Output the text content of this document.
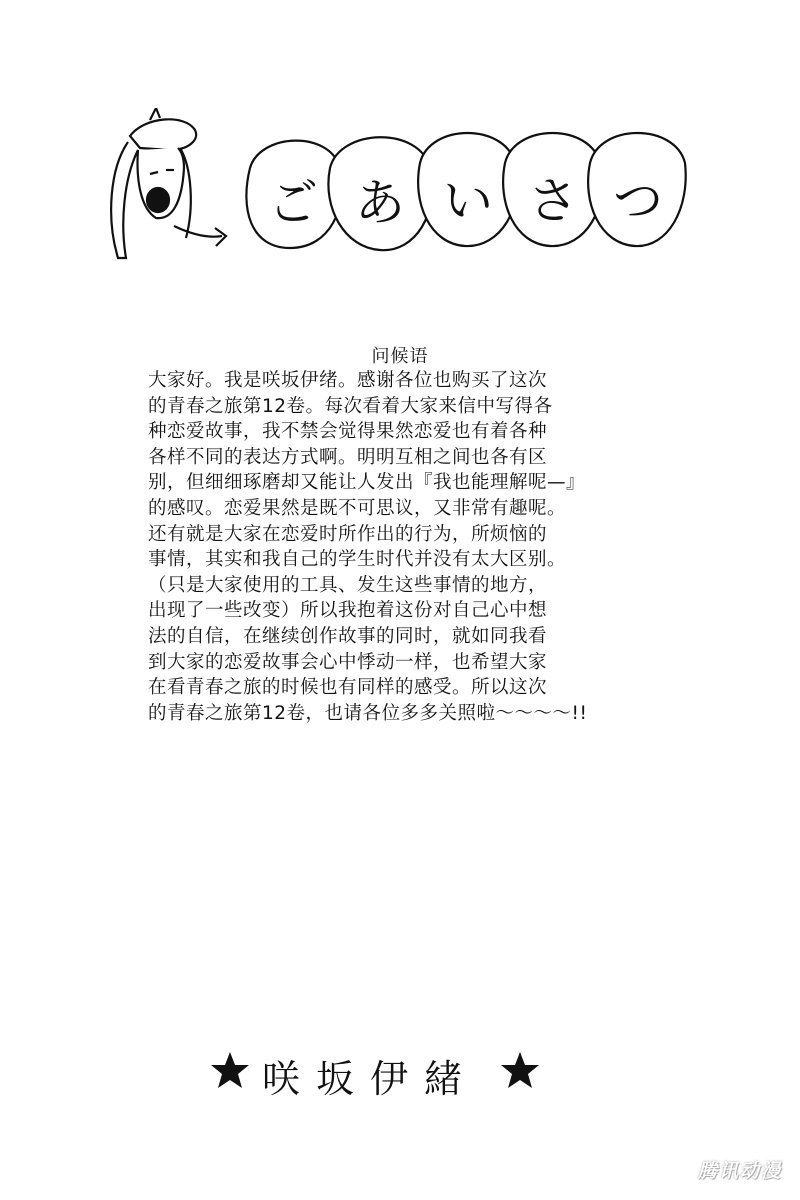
ご あ い さ つ
问候语
大家好。我是咲坂伊绪。感谢各位也购买了这次
的青春之旅第12卷。每次看着大家来信中写得各
种恋爱故事，我不禁会觉得果然恋爱也有着各种
各样不同的表达方式啊。明明互相之间也各有区
别，但细细琢磨却又能让人发出『我也能理解呢—』
的感叹。恋爱果然是既不可思议，又非常有趣呢。
还有就是大家在恋爱时所作出的行为，所烦恼的
事情，其实和我自己的学生时代并没有太大区别。
（只是大家使用的工具、发生这些事情的地方，
出现了一些改变）所以我抱着这份对自己心中想
法的自信，在继续创作故事的同时，就如同我看
到大家的恋爱故事会心中悸动一样，也希望大家
在看青春之旅的时候也有同样的感受。所以这次
的青春之旅第12卷，也请各位多多关照啦～～～～!!
咲坂伊緒
腾讯动漫
